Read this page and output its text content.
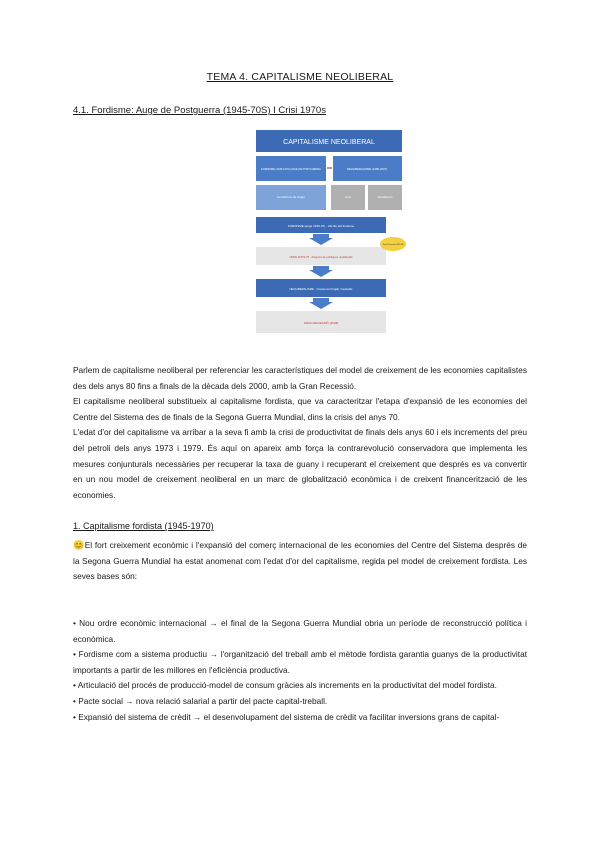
TEMA 4. CAPITALISME NEOLIBERAL
4.1. Fordisme: Auge de Postguerra (1945-70S) I Crisi 1970s
CAPITALISME NEOLIBERAL
FORDISME (1945-1970) AUGE DE POSTGUERRA	NEOLIBERALISME (1980-2007)
Condicions de l'auge	Crisi	Globalització
FORDISME (auge 1945-70) · Ubi life del fordisme
CRISI ANYS 70 · Adopció de polítiques neoliberals
NEOLIBERALISME · Creixement fragile i inestable
GRAN RECESSIÓ (2008)
Gran Recessió 2007-08

Parlem de capitalisme neoliberal per referenciar les característiques del model de creixement de les economies capitalistes des dels anys 80 fins a finals de la dècada dels 2000, amb la Gran Recessió.

El capitalisme neoliberal substitueix al capitalisme fordista, que va caracteritzar l'etapa d'expansió de les economies del Centre del Sistema des de finals de la Segona Guerra Mundial, dins la crisis del anys 70.

L'edat d'or del capitalisme va arribar a la seva fi amb la crisi de productivitat de finals dels anys 60 i els increments del preu del petroli dels anys 1973 i 1979. És aquí on apareix amb força la contrarevolució conservadora que implementa les mesures conjunturals necessàries per recuperar la taxa de guany i recuperant el creixement que després es va convertir en un nou model de creixement neoliberal en un marc de globalització econòmica i de creixent financerització de les economies.

1. Capitalisme fordista (1945-1970)

😊El fort creixement econòmic i l'expansió del comerç internacional de les economies del Centre del Sistema després de la Segona Guerra Mundial ha estat anomenat com l'edat d'or del capitalisme, regida pel model de creixement fordista. Les seves bases són:

• Nou ordre econòmic internacional → el final de la Segona Guerra Mundial obria un període de reconstrucció política i econòmica.
• Fordisme com a sistema productiu → l'organització del treball amb el mètode fordista garantia guanys de la productivitat importants a partir de les millores en l'eficiència productiva.
• Articulació del procés de producció-model de consum gràcies als increments en la productivitat del model fordista.
• Pacte social → nova relació salarial a partir del pacte capital-treball.
• Expansió del sistema de crèdit → el desenvolupament del sistema de crèdit va facilitar inversions grans de capital-
